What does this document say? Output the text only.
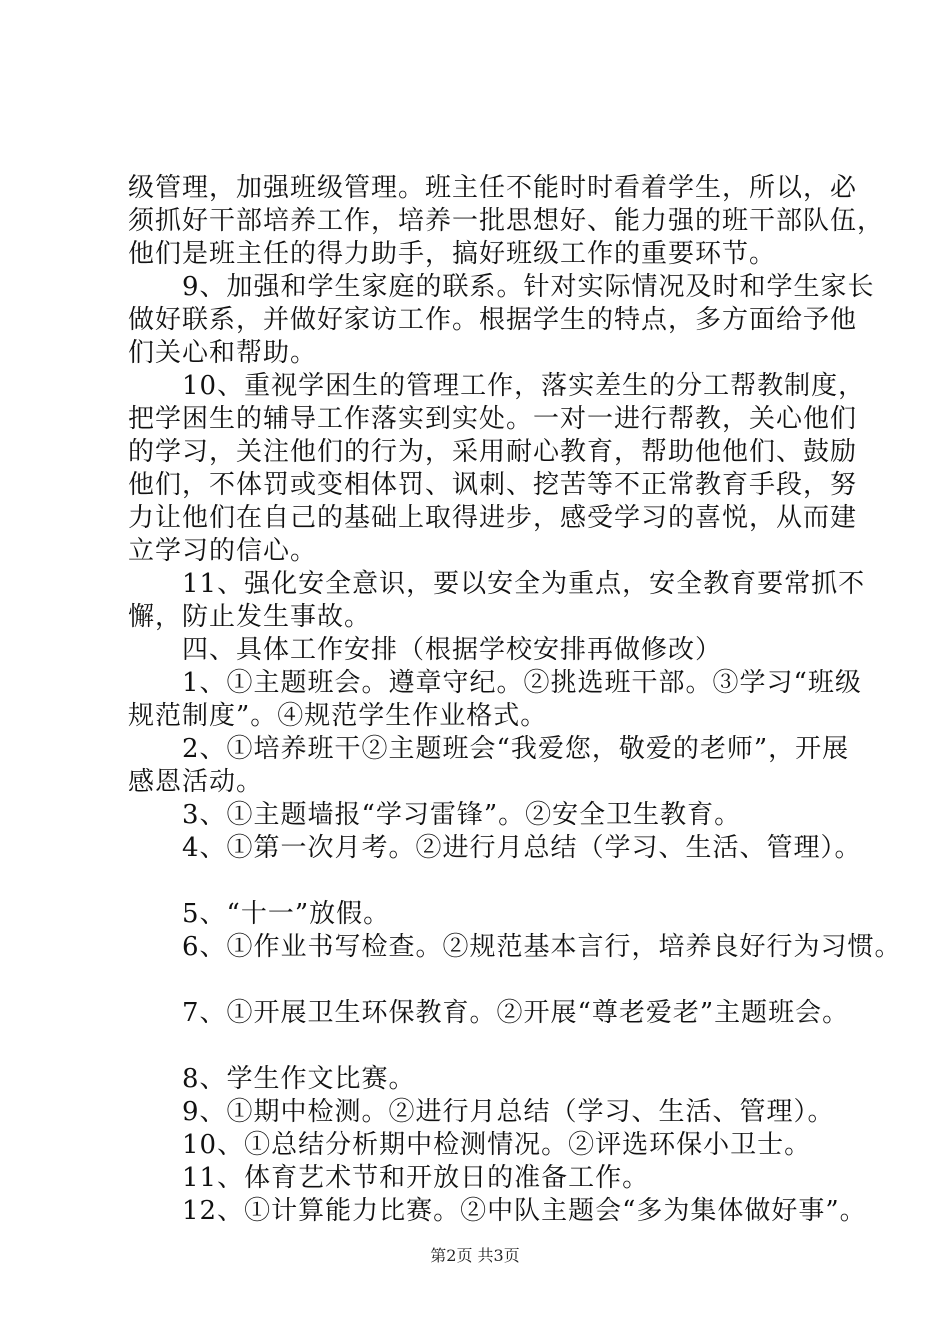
级管理，加强班级管理。班主任不能时时看着学生，所以，必
须抓好干部培养工作，培养一批思想好、能力强的班干部队伍，
他们是班主任的得力助手，搞好班级工作的重要环节。
　　9、加强和学生家庭的联系。针对实际情况及时和学生家长
做好联系，并做好家访工作。根据学生的特点，多方面给予他
们关心和帮助。
　　10、重视学困生的管理工作，落实差生的分工帮教制度，
把学困生的辅导工作落实到实处。一对一进行帮教，关心他们
的学习，关注他们的行为，采用耐心教育，帮助他他们、鼓励
他们，不体罚或变相体罚、讽刺、挖苦等不正常教育手段，努
力让他们在自己的基础上取得进步，感受学习的喜悦，从而建
立学习的信心。
　　11、强化安全意识，要以安全为重点，安全教育要常抓不
懈，防止发生事故。
　　四、具体工作安排（根据学校安排再做修改）
　　1、①主题班会。遵章守纪。②挑选班干部。③学习“班级
规范制度”。④规范学生作业格式。
　　2、①培养班干②主题班会“我爱您，敬爱的老师”，开展
感恩活动。
　　3、①主题墙报“学习雷锋”。②安全卫生教育。
　　4、①第一次月考。②进行月总结（学习、生活、管理）。
　　5、“十一”放假。
　　6、①作业书写检查。②规范基本言行，培养良好行为习惯。
　　7、①开展卫生环保教育。②开展“尊老爱老”主题班会。
　　8、学生作文比赛。
　　9、①期中检测。②进行月总结（学习、生活、管理）。
　　10、①总结分析期中检测情况。②评选环保小卫士。
　　11、体育艺术节和开放日的准备工作。
　　12、①计算能力比赛。②中队主题会“多为集体做好事”。
第2页 共3页
